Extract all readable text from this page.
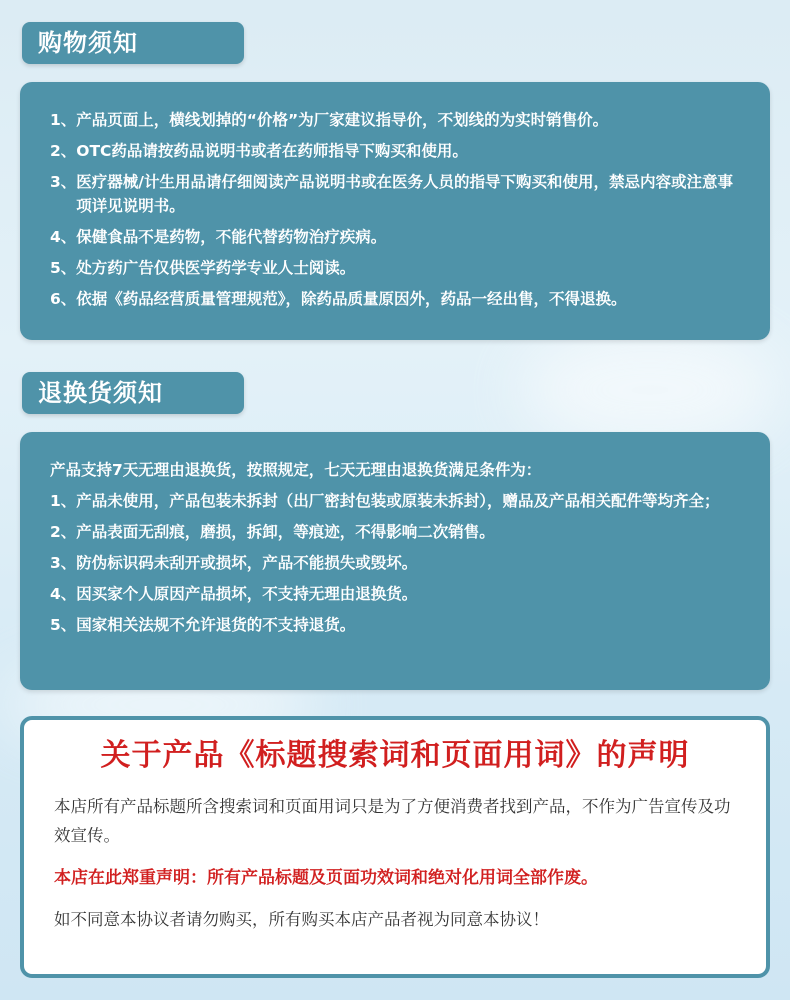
购物须知
1、 产品页面上，横线划掉的“价格”为厂家建议指导价，不划线的为实时销售价。
2、 OTC药品请按药品说明书或者在药师指导下购买和使用。
3、 医疗器械/计生用品请仔细阅读产品说明书或在医务人员的指导下购买和使用，禁忌内容或注意事项详见说明书。
4、 保健食品不是药物，不能代替药物治疗疾病。
5、 处方药广告仅供医学药学专业人士阅读。
6、 依据《药品经营质量管理规范》，除药品质量原因外，药品一经出售，不得退换。
退换货须知
产品支持7天无理由退换货，按照规定，七天无理由退换货满足条件为：
1、 产品未使用，产品包装未拆封（出厂密封包装或原装未拆封），赠品及产品相关配件等均齐全；
2、 产品表面无刮痕，磨损，拆卸，等痕迹，不得影响二次销售。
3、 防伪标识码未刮开或损坏，产品不能损失或毁坏。
4、 因买家个人原因产品损坏，不支持无理由退换货。
5、 国家相关法规不允许退货的不支持退货。
关于产品《标题搜索词和页面用词》的声明
本店所有产品标题所含搜索词和页面用词只是为了方便消费者找到产品，不作为广告宣传及功效宣传。
本店在此郑重声明：所有产品标题及页面功效词和绝对化用词全部作废。
如不同意本协议者请勿购买，所有购买本店产品者视为同意本协议！
